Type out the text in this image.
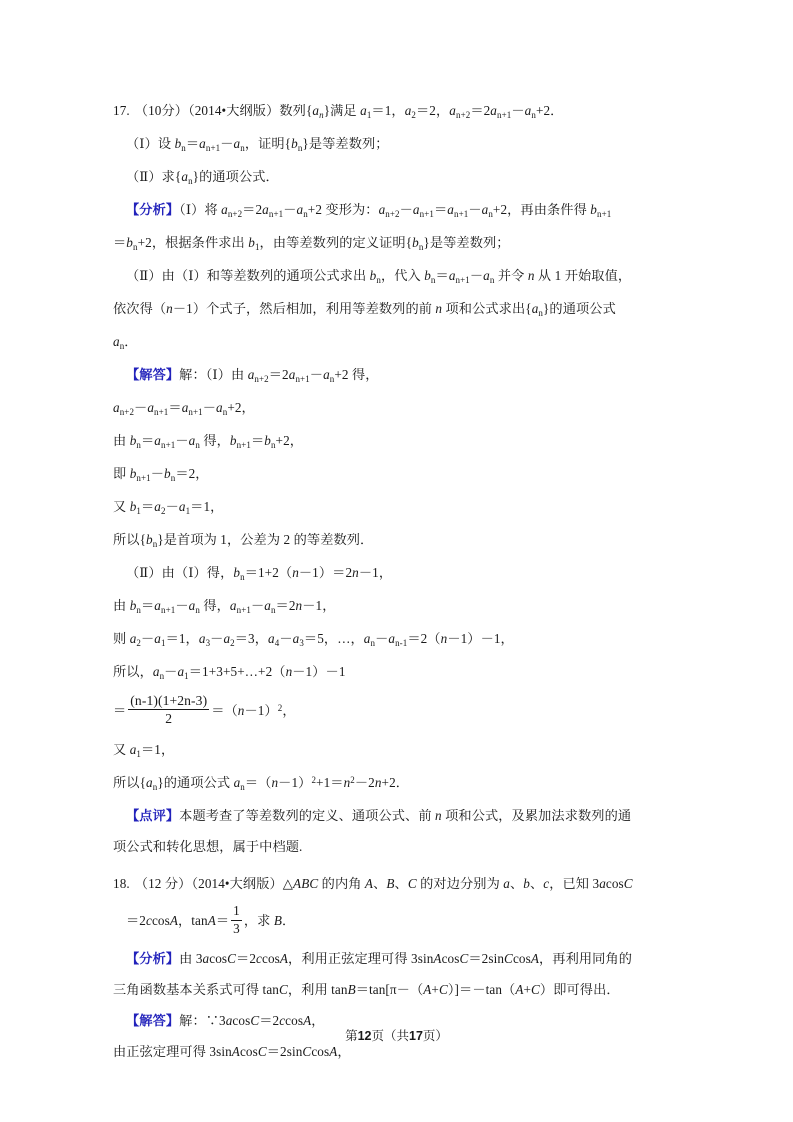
17. （10分）（2014•大纲版）数列$\{a_n\}$满足 $a_1=1$，$a_2=2$，$a_{n+2}=2a_{n+1}-a_n+2$．
（Ⅰ）设 $b_n=a_{n+1}-a_n$，证明$\{b_n\}$是等差数列；
（Ⅱ）求$\{a_n\}$的通项公式．
【分析】（Ⅰ）将 $a_{n+2}=2a_{n+1}-a_n+2$ 变形为：$a_{n+2}-a_{n+1}=a_{n+1}-a_n+2$，再由条件得 $b_{n+1}$
$=b_n+2$，根据条件求出 $b_1$，由等差数列的定义证明$\{b_n\}$是等差数列；
（Ⅱ）由（Ⅰ）和等差数列的通项公式求出 $b_n$，代入 $b_n=a_{n+1}-a_n$ 并令 n 从 1 开始取值，
依次得（n－1）个式子，然后相加，利用等差数列的前 n 项和公式求出$\{a_n\}$的通项公式
$a_n$．
【解答】解：（Ⅰ）由 $a_{n+2}=2a_{n+1}-a_n+2$ 得，
$a_{n+2}-a_{n+1}=a_{n+1}-a_n+2$，
由 $b_n=a_{n+1}-a_n$ 得，$b_{n+1}=b_n+2$，
即 $b_{n+1}-b_n=2$，
又 $b_1=a_2-a_1=1$，
所以$\{b_n\}$是首项为 1，公差为 2 的等差数列．
（Ⅱ）由（Ⅰ）得，$b_n=1+2(n-1)=2n-1$，
由 $b_n=a_{n+1}-a_n$ 得，$a_{n+1}-a_n=2n-1$，
则 $a_2-a_1=1$，$a_3-a_2=3$，$a_4-a_3=5$，…，$a_n-a_{n-1}=2(n-1)-1$，
所以，$a_n-a_1=1+3+5+\dots+2(n-1)-1$
＝ $\frac{(n-1)(1+2n-3)}{2} =(n-1)^2$，
又 $a_1=1$，
所以$\{a_n\}$的通项公式 $a_n=(n-1)^2+1=n^2-2n+2$．
【点评】本题考查了等差数列的定义、通项公式、前 n 项和公式，及累加法求数列的通
项公式和转化思想，属于中档题.
18. （12 分）（2014•大纲版）△ABC 的内角 A、B、C 的对边分别为 a、b、c，已知 3acosC
＝2ccosA，$\tan A= \frac{1}{3}$ ，求 B．
【分析】由 3acosC＝2ccosA，利用正弦定理可得 3sinAcosC＝2sinCcosA，再利用同角的
三角函数基本关系式可得 tanC，利用 tanB＝tan[π－（A+C）]＝－tan（A+C）即可得出．
【解答】解：∵3acosC＝2ccosA，
由正弦定理可得 3sinAcosC＝2sinCcosA，
第12页（共17页）
